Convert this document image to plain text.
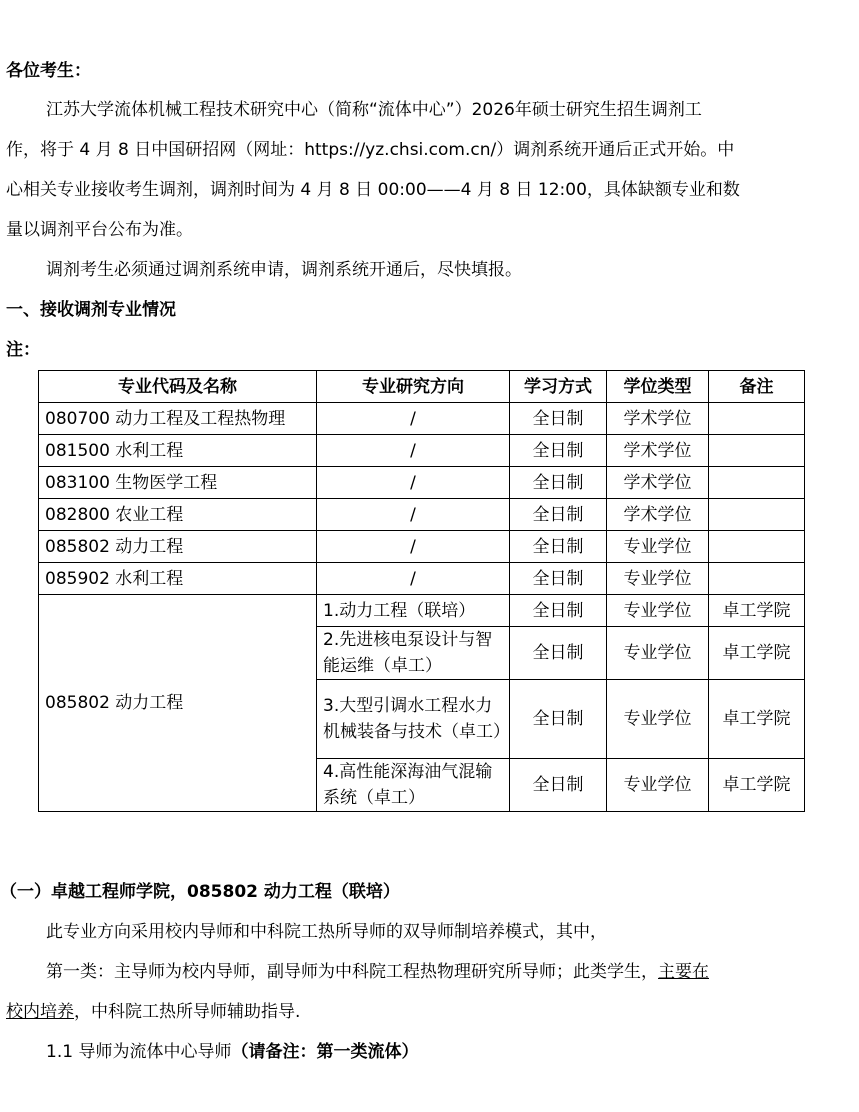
各位考生：
江苏大学流体机械工程技术研究中心（简称“流体中心”）2026年硕士研究生招生调剂工
作，将于 4 月 8 日中国研招网（网址：https://yz.chsi.com.cn/）调剂系统开通后正式开始。中
心相关专业接收考生调剂，调剂时间为 4 月 8 日 00:00——4 月 8 日 12:00，具体缺额专业和数
量以调剂平台公布为准。
调剂考生必须通过调剂系统申请，调剂系统开通后，尽快填报。
一、接收调剂专业情况
注：
专业代码及名称	专业研究方向	学习方式	学位类型	备注
080700 动力工程及工程热物理	/	全日制	学术学位	
081500 水利工程	/	全日制	学术学位	
083100 生物医学工程	/	全日制	学术学位	
082800 农业工程	/	全日制	学术学位	
085802 动力工程	/	全日制	专业学位	
085902 水利工程	/	全日制	专业学位	
085802 动力工程	1.动力工程（联培）	全日制	专业学位	卓工学院
	2.先进核电泵设计与智能运维（卓工）	全日制	专业学位	卓工学院
	3.大型引调水工程水力机械装备与技术（卓工）	全日制	专业学位	卓工学院
	4.高性能深海油气混输系统（卓工）	全日制	专业学位	卓工学院
（一）卓越工程师学院，085802 动力工程（联培）
此专业方向采用校内导师和中科院工热所导师的双导师制培养模式，其中，
第一类：主导师为校内导师，副导师为中科院工程热物理研究所导师；此类学生，主要在
校内培养，中科院工热所导师辅助指导.
1.1 导师为流体中心导师（请备注：第一类流体）
